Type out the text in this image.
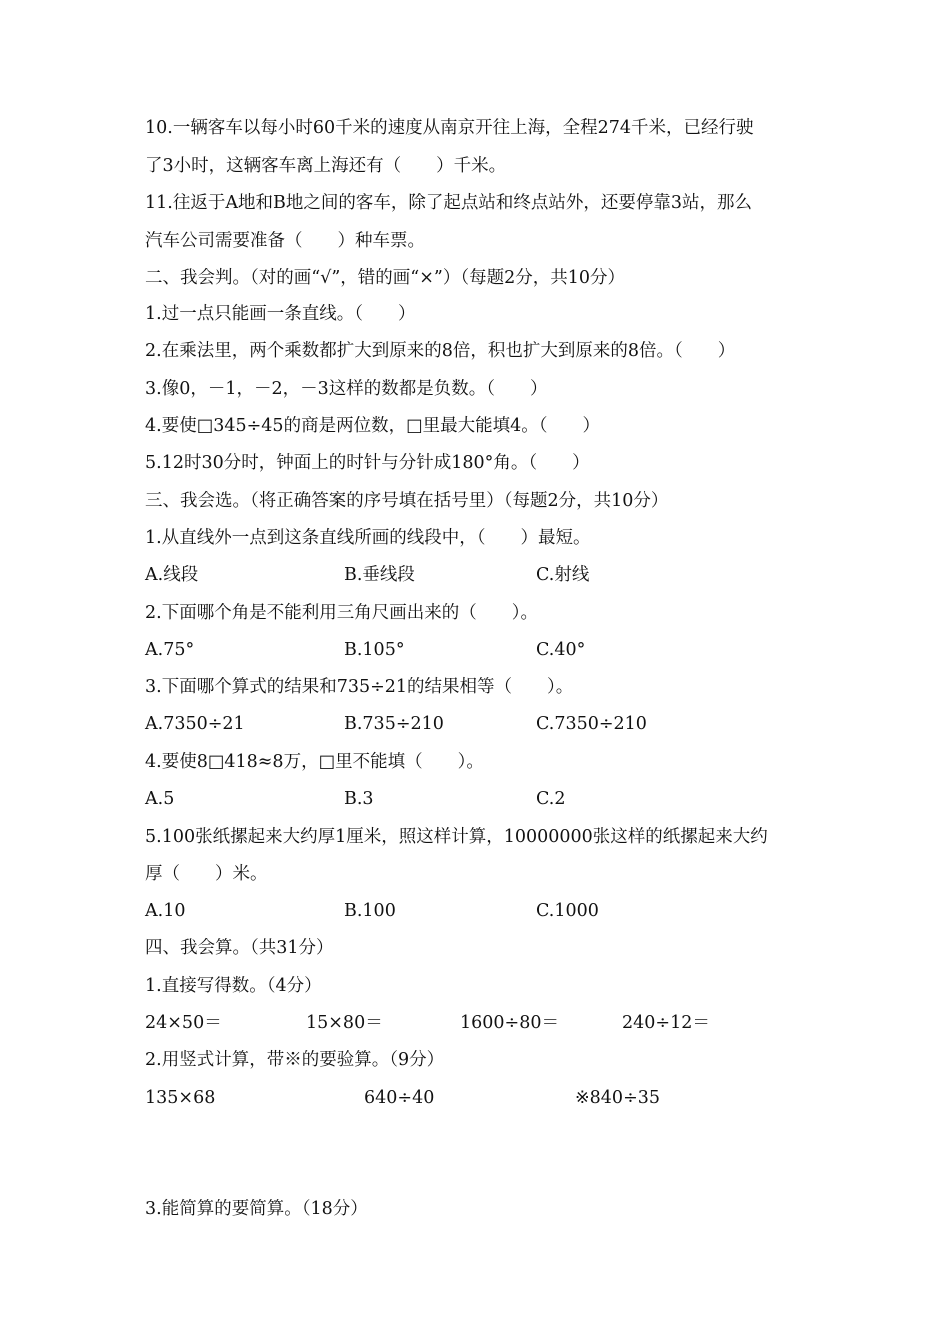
10.一辆客车以每小时60千米的速度从南京开往上海，全程274千米，已经行驶
了3小时，这辆客车离上海还有（　　）千米。
11.往返于A地和B地之间的客车，除了起点站和终点站外，还要停靠3站，那么
汽车公司需要准备（　　）种车票。
二、我会判。（对的画“√”，错的画“×”）（每题2分，共10分）
1.过一点只能画一条直线。（　　）
2.在乘法里，两个乘数都扩大到原来的8倍，积也扩大到原来的8倍。（　　）
3.像0，－1，－2，－3这样的数都是负数。（　　）
4.要使□345÷45的商是两位数，□里最大能填4。（　　）
5.12时30分时，钟面上的时针与分针成180°角。（　　）
三、我会选。（将正确答案的序号填在括号里）（每题2分，共10分）
1.从直线外一点到这条直线所画的线段中，（　　）最短。
A.线段	B.垂线段	C.射线
2.下面哪个角是不能利用三角尺画出来的（　　）。
A.75°	B.105°	C.40°
3.下面哪个算式的结果和735÷21的结果相等（　　）。
A.7350÷21	B.735÷210	C.7350÷210
4.要使8□418≈8万，□里不能填（　　）。
A.5	B.3	C.2
5.100张纸摞起来大约厚1厘米，照这样计算，10000000张这样的纸摞起来大约
厚（　　）米。
A.10	B.100	C.1000
四、我会算。（共31分）
1.直接写得数。（4分）
24×50＝	15×80＝	1600÷80＝	240÷12＝
2.用竖式计算，带※的要验算。（9分）
135×68	640÷40	※840÷35
3.能简算的要简算。（18分）
